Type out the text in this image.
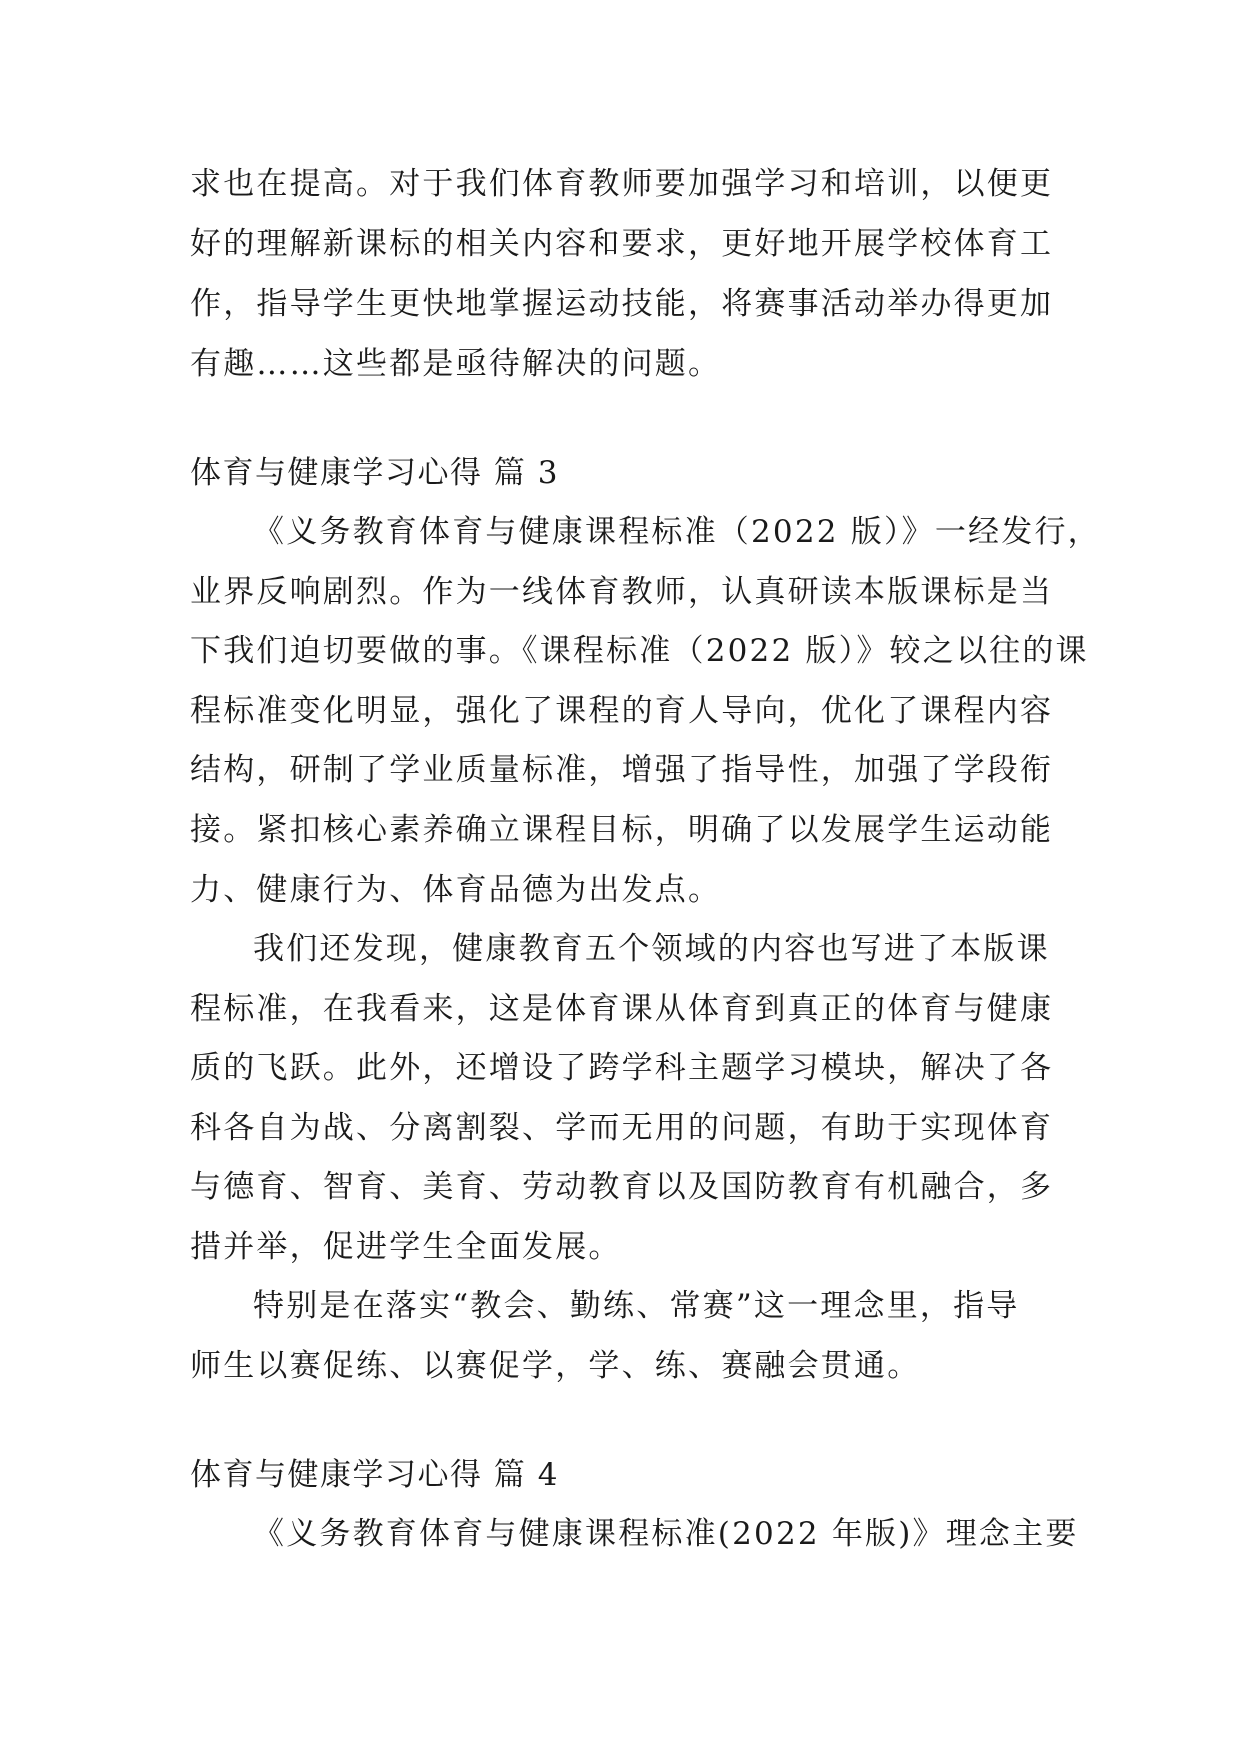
求也在提高。对于我们体育教师要加强学习和培训，以便更
好的理解新课标的相关内容和要求，更好地开展学校体育工
作，指导学生更快地掌握运动技能，将赛事活动举办得更加
有趣……这些都是亟待解决的问题。
体育与健康学习心得 篇 3
《义务教育体育与健康课程标准（2022 版）》一经发行，
业界反响剧烈。作为一线体育教师，认真研读本版课标是当
下我们迫切要做的事。《课程标准（2022 版）》较之以往的课
程标准变化明显，强化了课程的育人导向，优化了课程内容
结构，研制了学业质量标准，增强了指导性，加强了学段衔
接。紧扣核心素养确立课程目标，明确了以发展学生运动能
力、健康行为、体育品德为出发点。
我们还发现，健康教育五个领域的内容也写进了本版课
程标准，在我看来，这是体育课从体育到真正的体育与健康
质的飞跃。此外，还增设了跨学科主题学习模块，解决了各
科各自为战、分离割裂、学而无用的问题，有助于实现体育
与德育、智育、美育、劳动教育以及国防教育有机融合，多
措并举，促进学生全面发展。
特别是在落实“教会、勤练、常赛”这一理念里，指导
师生以赛促练、以赛促学，学、练、赛融会贯通。
体育与健康学习心得 篇 4
《义务教育体育与健康课程标准(2022 年版)》理念主要
